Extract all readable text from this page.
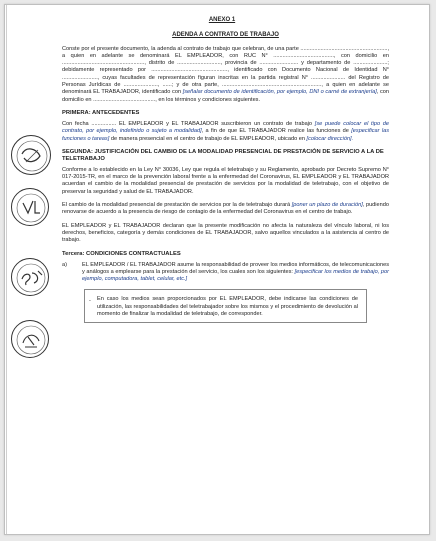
ANEXO 1
ADENDA A CONTRATO DE TRABAJO

Conste por el presente documento, la adenda al contrato de trabajo que celebran, de una parte ........................................................, a quien en adelante se denominará EL EMPLEADOR, con RUC N° ......................................., con domicilio en ....................................................., distrito de ............................, provincia de ......................... y departamento de ......................; debidamente representado por ................................................., identificado con Documento Nacional de Identidad N° ......................., cuyas facultades de representación figuran inscritas en la partida registral N° ...................... del Registro de Personas Jurídicas de ......................, ......; y de otra parte, ................................................................, a quien en adelante se denominará EL TRABAJADOR, identificado con [señalar documento de identificación, por ejemplo, DNI o carné de extranjería], con domicilio en ........................................, en los términos y condiciones siguientes.

PRIMERA: ANTECEDENTES

Con fecha ................ EL EMPLEADOR y EL TRABAJADOR suscribieron un contrato de trabajo [se puede colocar el tipo de contrato, por ejemplo, indefinido o sujeto a modalidad], a fin de que EL TRABAJADOR realice las funciones de [especificar las funciones o tareas] de manera presencial en el centro de trabajo de EL EMPLEADOR, ubicado en [colocar dirección].

SEGUNDA: JUSTIFICACIÓN DEL CAMBIO DE LA MODALIDAD PRESENCIAL DE PRESTACIÓN DE SERVICIO A LA DE TELETRABAJO

Conforme a lo establecido en la Ley N° 30036, Ley que regula el teletrabajo y su Reglamento, aprobado por Decreto Supremo N° 017-2015-TR, en el marco de la prevención laboral frente a la enfermedad del Coronavirus, EL EMPLEADOR y EL TRABAJADOR acuerdan el cambio de la modalidad presencial de prestación de servicios por la modalidad de teletrabajo, con el objetivo de preservar la seguridad y salud de EL TRABAJADOR.

El cambio de la modalidad presencial de prestación de servicios por la de teletrabajo durará [poner un plazo de duración], pudiendo renovarse de acuerdo a la presencia de riesgo de contagio de la enfermedad del Coronavirus en el centro de trabajo.

EL EMPLEADOR y EL TRABAJADOR declaran que la presente modificación no afecta la naturaleza del vínculo laboral, ni los derechos, beneficios, categoría y demás condiciones de EL TRABAJADOR, salvo aquellos vinculados a la asistencia al centro de trabajo.

Tercera: CONDICIONES CONTRACTUALES
a)	EL EMPLEADOR / EL TRABAJADOR asume la responsabilidad de proveer los medios informáticos, de telecomunicaciones y análogos a emplearse para la prestación del servicio, los cuales son los siguientes: [especificar los medios de trabajo, por ejemplo, computadora, tablet, celular, etc.]

- En caso los medios sean proporcionados por EL EMPLEADOR, debe indicarse las condiciones de utilización, las responsabilidades del teletrabajador sobre los mismos y el procedimiento de devolución al momento de finalizar la modalidad de teletrabajo, de corresponder.
